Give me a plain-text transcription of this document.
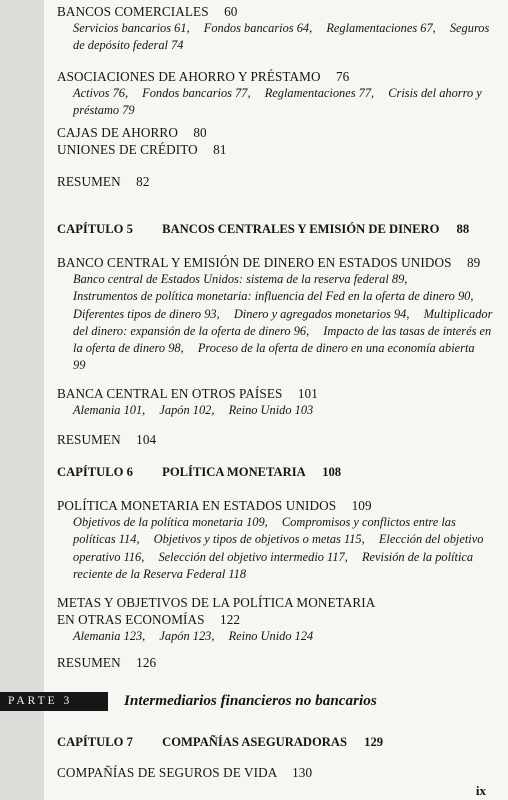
BANCOS COMERCIALES 60

Servicios bancarios 61, Fondos bancarios 64, Reglamentaciones 67, Seguros de depósito federal 74

ASOCIACIONES DE AHORRO Y PRÉSTAMO 76

Activos 76, Fondos bancarios 77, Reglamentaciones 77, Crisis del ahorro y préstamo 79

CAJAS DE AHORRO 80
UNIONES DE CRÉDITO 81
RESUMEN 82
CAPÍTULO 5 BANCOS CENTRALES Y EMISIÓN DE DINERO 88
BANCO CENTRAL Y EMISIÓN DE DINERO EN ESTADOS UNIDOS 89

Banco central de Estados Unidos: sistema de la reserva federal 89,
Instrumentos de política monetaria: influencia del Fed en la oferta de dinero 90, Diferentes tipos de dinero 93, Dinero y agregados monetarios 94, Multiplicador del dinero: expansión de la oferta de dinero 96, Impacto de las tasas de interés en la oferta de dinero 98, Proceso de la oferta de dinero en una economía abierta 99

BANCA CENTRAL EN OTROS PAÍSES 101

Alemania 101, Japón 102, Reino Unido 103

RESUMEN 104
CAPÍTULO 6 POLÍTICA MONETARIA 108
POLÍTICA MONETARIA EN ESTADOS UNIDOS 109

Objetivos de la política monetaria 109, Compromisos y conflictos entre las políticas 114, Objetivos y tipos de objetivos o metas 115, Elección del objetivo operativo 116, Selección del objetivo intermedio 117, Revisión de la política reciente de la Reserva Federal 118

METAS Y OBJETIVOS DE LA POLÍTICA MONETARIA
EN OTRAS ECONOMÍAS 122

Alemania 123, Japón 123, Reino Unido 124

RESUMEN 126
PARTE 3	Intermediarios financieros no bancarios
CAPÍTULO 7 COMPAÑÍAS ASEGURADORAS 129
COMPAÑÍAS DE SEGUROS DE VIDA 130
ix
